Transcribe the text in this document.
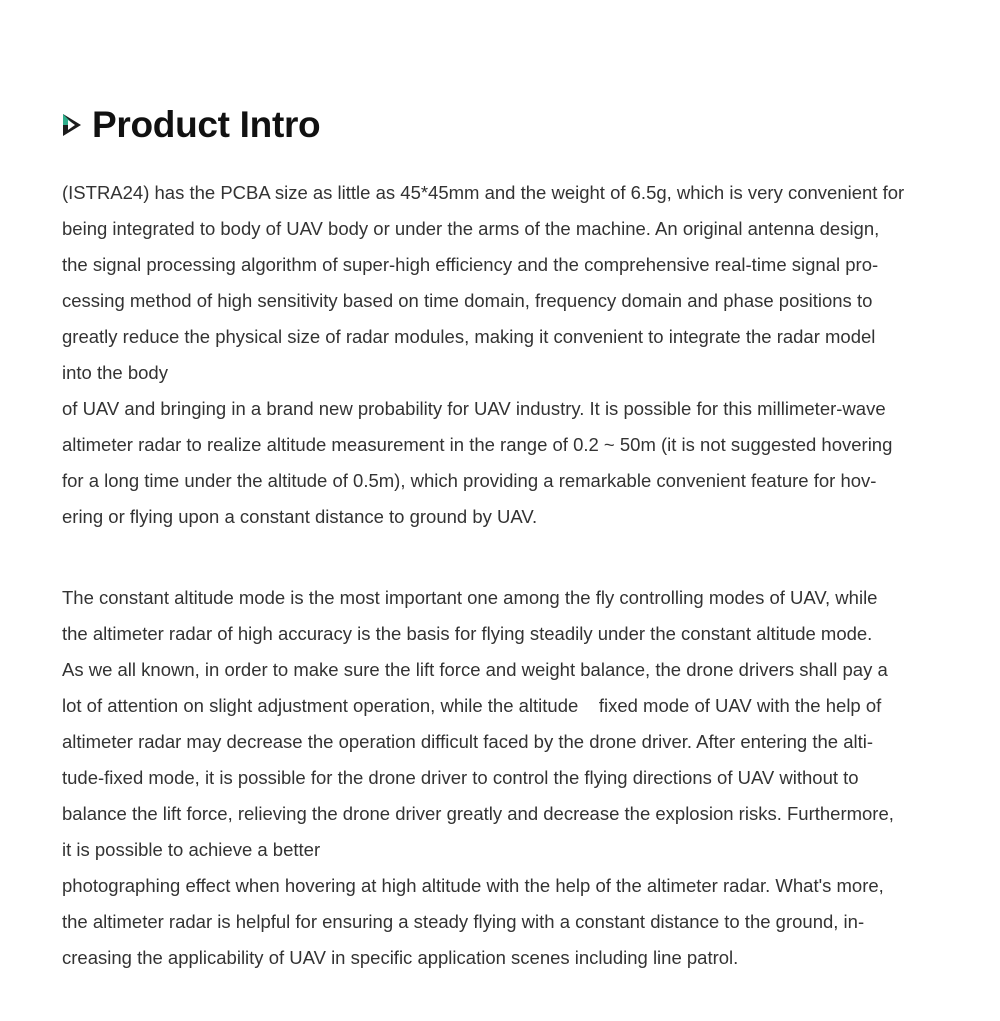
Product Intro
(ISTRA24) has the PCBA size as little as 45*45mm and the weight of 6.5g, which is very convenient for
being integrated to body of UAV body or under the arms of the machine. An original antenna design,
the signal processing algorithm of super-high efficiency and the comprehensive real-time signal pro-
cessing method of high sensitivity based on time domain, frequency domain and phase positions to
greatly reduce the physical size of radar modules, making it convenient to integrate the radar model
into the body
of UAV and bringing in a brand new probability for UAV industry. It is possible for this millimeter-wave
altimeter radar to realize altitude measurement in the range of 0.2 ~ 50m (it is not suggested hovering
for a long time under the altitude of 0.5m), which providing a remarkable convenient feature for hov-
ering or flying upon a constant distance to ground by UAV.
The constant altitude mode is the most important one among the fly controlling modes of UAV, while
the altimeter radar of high accuracy is the basis for flying steadily under the constant altitude mode.
As we all known, in order to make sure the lift force and weight balance, the drone drivers shall pay a
lot of attention on slight adjustment operation, while the altitude    fixed mode of UAV with the help of
altimeter radar may decrease the operation difficult faced by the drone driver. After entering the alti-
tude-fixed mode, it is possible for the drone driver to control the flying directions of UAV without to
balance the lift force, relieving the drone driver greatly and decrease the explosion risks. Furthermore,
it is possible to achieve a better
photographing effect when hovering at high altitude with the help of the altimeter radar. What's more,
the altimeter radar is helpful for ensuring a steady flying with a constant distance to the ground, in-
creasing the applicability of UAV in specific application scenes including line patrol.
